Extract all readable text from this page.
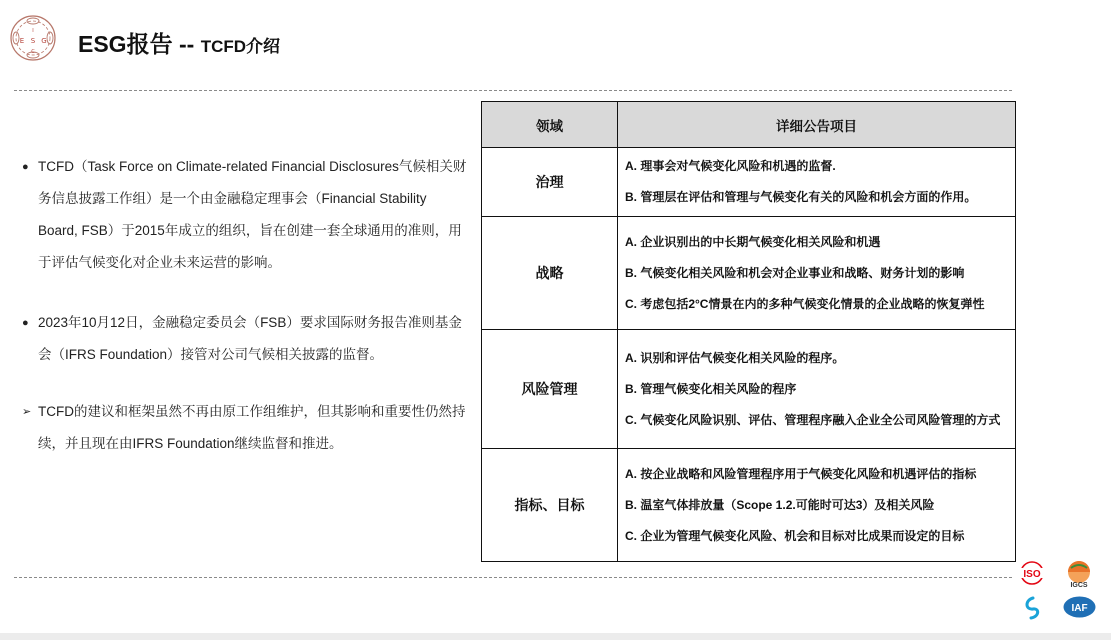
I
E S G
C ESG报告 -- TCFD介绍

● TCFD（Task Force on Climate-related Financial Disclosures气候相关财务信息披露工作组）是一个由金融稳定理事会（Financial Stability Board, FSB）于2015年成立的组织，旨在创建一套全球通用的准则，用于评估气候变化对企业未来运营的影响。

● 2023年10月12日，金融稳定委员会（FSB）要求国际财务报告准则基金会（IFRS Foundation）接管对公司气候相关披露的监督。

➢ TCFD的建议和框架虽然不再由原工作组维护，但其影响和重要性仍然持续，并且现在由IFRS Foundation继续监督和推进。

领域	详细公告项目
治理	A. 理事会对气候变化风险和机遇的监督.
B. 管理层在评估和管理与气候变化有关的风险和机会方面的作用。

战略	A. 企业识别出的中长期气候变化相关风险和机遇
B. 气候变化相关风险和机会对企业事业和战略、财务计划的影响
C. 考虑包括2°C情景在内的多种气候变化情景的企业战略的恢复弹性

风险管理	A. 识别和评估气候变化相关风险的程序。
B. 管理气候变化相关风险的程序
C. 气候变化风险识别、评估、管理程序融入企业全公司风险管理的方式

指标、目标	A. 按企业战略和风险管理程序用于气候变化风险和机遇评估的指标
B. 温室气体排放量（Scope 1.2.可能时可达3）及相关风险
C. 企业为管理气候变化风险、机会和目标对比成果而设定的目标
ISO
IGCS
IAF
